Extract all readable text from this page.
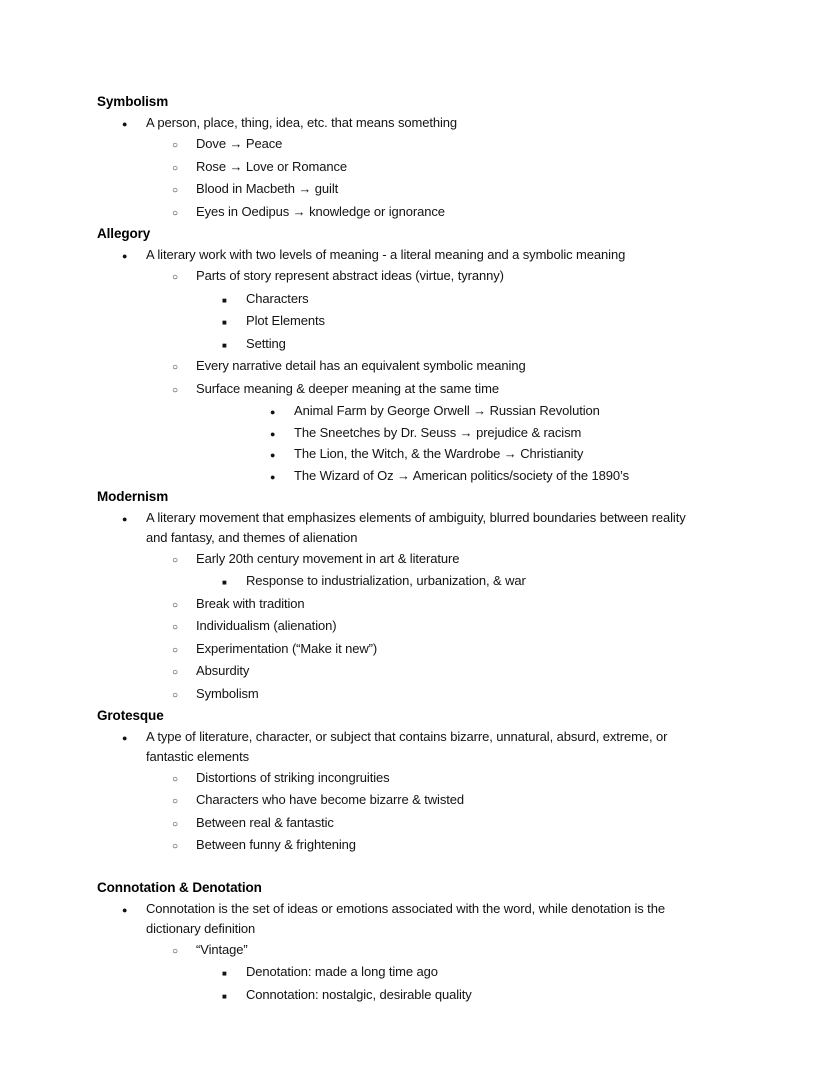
Symbolism
●	A person, place, thing, idea, etc. that means something
○	Dove → Peace
○	Rose → Love or Romance
○	Blood in Macbeth → guilt
○	Eyes in Oedipus → knowledge or ignorance
Allegory
●	A literary work with two levels of meaning - a literal meaning and a symbolic meaning
○	Parts of story represent abstract ideas (virtue, tyranny)
■	Characters
■	Plot Elements
■	Setting
○	Every narrative detail has an equivalent symbolic meaning
○	Surface meaning & deeper meaning at the same time
●	Animal Farm by George Orwell → Russian Revolution
●	The Sneetches by Dr. Seuss → prejudice & racism
●	The Lion, the Witch, & the Wardrobe → Christianity
●	The Wizard of Oz → American politics/society of the 1890’s
Modernism
●	A literary movement that emphasizes elements of ambiguity, blurred boundaries between reality and fantasy, and themes of alienation
○	Early 20th century movement in art & literature
■	Response to industrialization, urbanization, & war
○	Break with tradition
○	Individualism (alienation)
○	Experimentation (“Make it new”)
○	Absurdity
○	Symbolism
Grotesque
●	A type of literature, character, or subject that contains bizarre, unnatural, absurd, extreme, or fantastic elements
○	Distortions of striking incongruities
○	Characters who have become bizarre & twisted
○	Between real & fantastic
○	Between funny & frightening
Connotation & Denotation
●	Connotation is the set of ideas or emotions associated with the word, while denotation is the dictionary definition
○	“Vintage”
■	Denotation: made a long time ago
■	Connotation: nostalgic, desirable quality
